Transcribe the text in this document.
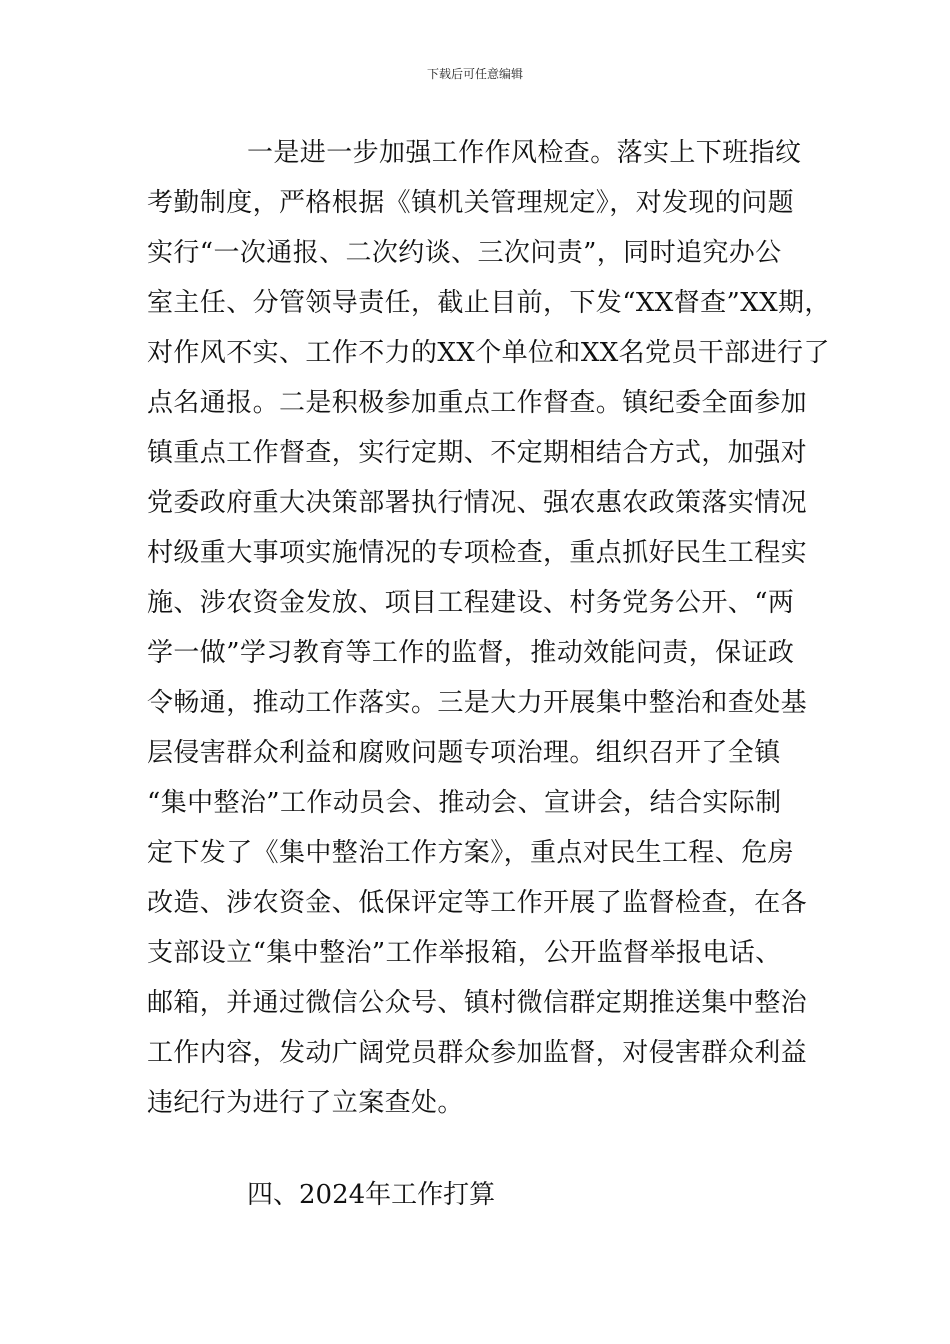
下载后可任意编辑
一是进一步加强工作作风检查。落实上下班指纹
考勤制度，严格根据《镇机关管理规定》，对发现的问题
实行“一次通报、二次约谈、三次问责”，同时追究办公
室主任、分管领导责任，截止目前，下发“XX督查”XX期，
对作风不实、工作不力的XX个单位和XX名党员干部进行了
点名通报。二是积极参加重点工作督查。镇纪委全面参加
镇重点工作督查，实行定期、不定期相结合方式，加强对
党委政府重大决策部署执行情况、强农惠农政策落实情况
村级重大事项实施情况的专项检查，重点抓好民生工程实
施、涉农资金发放、项目工程建设、村务党务公开、“两
学一做”学习教育等工作的监督，推动效能问责，保证政
令畅通，推动工作落实。三是大力开展集中整治和查处基
层侵害群众利益和腐败问题专项治理。组织召开了全镇
“集中整治”工作动员会、推动会、宣讲会，结合实际制
定下发了《集中整治工作方案》，重点对民生工程、危房
改造、涉农资金、低保评定等工作开展了监督检查，在各
支部设立“集中整治”工作举报箱，公开监督举报电话、
邮箱，并通过微信公众号、镇村微信群定期推送集中整治
工作内容，发动广阔党员群众参加监督，对侵害群众利益
违纪行为进行了立案查处。
四、2024年工作打算
